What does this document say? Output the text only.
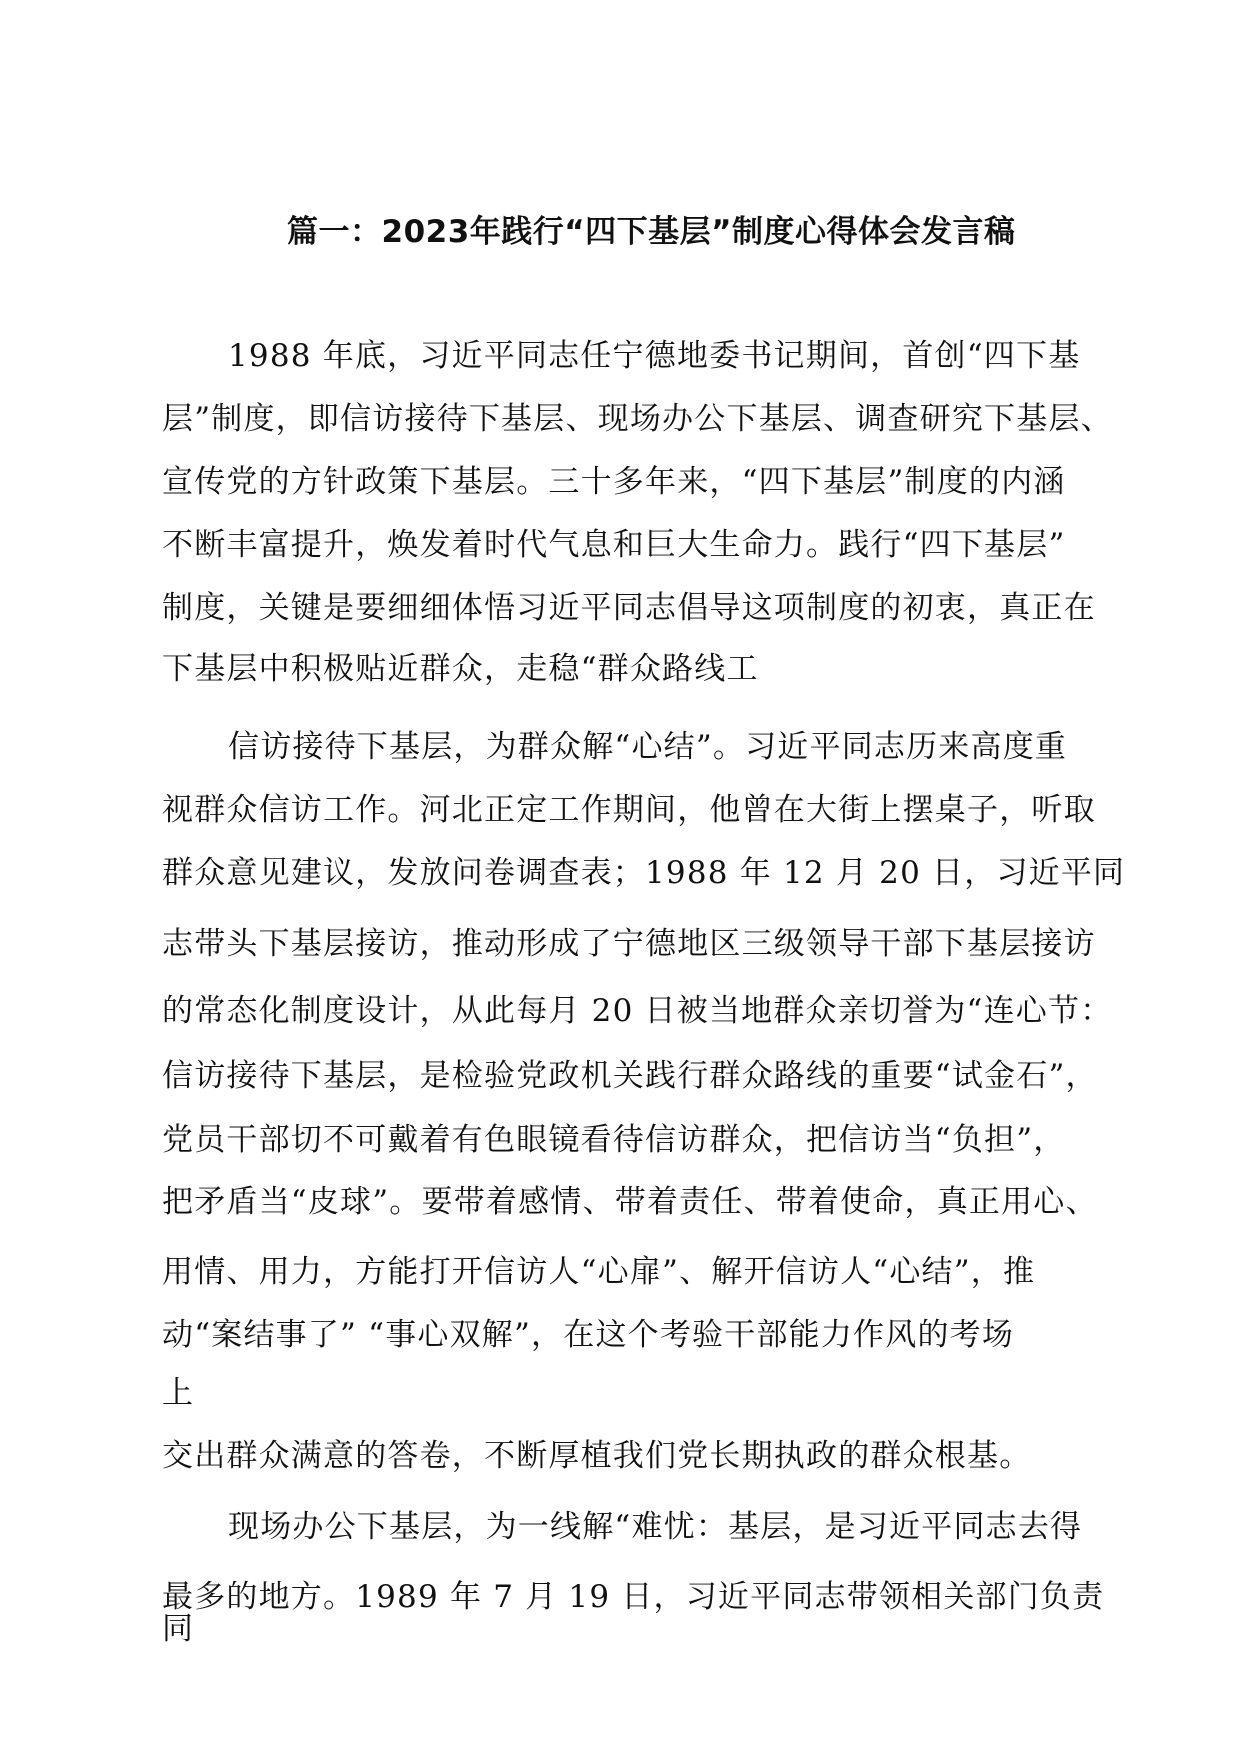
篇一：2023年践行“四下基层”制度心得体会发言稿

1988 年底，习近平同志任宁德地委书记期间，首创“四下基

层”制度，即信访接待下基层、现场办公下基层、调查研究下基层、

宣传党的方针政策下基层。三十多年来，“四下基层”制度的内涵

不断丰富提升，焕发着时代气息和巨大生命力。践行“四下基层”

制度，关键是要细细体悟习近平同志倡导这项制度的初衷，真正在

下基层中积极贴近群众，走稳“群众路线工

信访接待下基层，为群众解“心结”。习近平同志历来高度重

视群众信访工作。河北正定工作期间，他曾在大街上摆桌子，听取

群众意见建议，发放问卷调查表；1988 年 12 月 20 日，习近平同

志带头下基层接访，推动形成了宁德地区三级领导干部下基层接访

的常态化制度设计，从此每月 20 日被当地群众亲切誉为“连心节：

信访接待下基层，是检验党政机关践行群众路线的重要“试金石”，

党员干部切不可戴着有色眼镜看待信访群众，把信访当“负担”，

把矛盾当“皮球”。要带着感情、带着责任、带着使命，真正用心、

用情、用力，方能打开信访人“心扉”、解开信访人“心结”，推

动“案结事了” “事心双解”，在这个考验干部能力作风的考场

上

交出群众满意的答卷，不断厚植我们党长期执政的群众根基。

现场办公下基层，为一线解“难忧：基层，是习近平同志去得

最多的地方。1989 年 7 月 19 日，习近平同志带领相关部门负责

同
